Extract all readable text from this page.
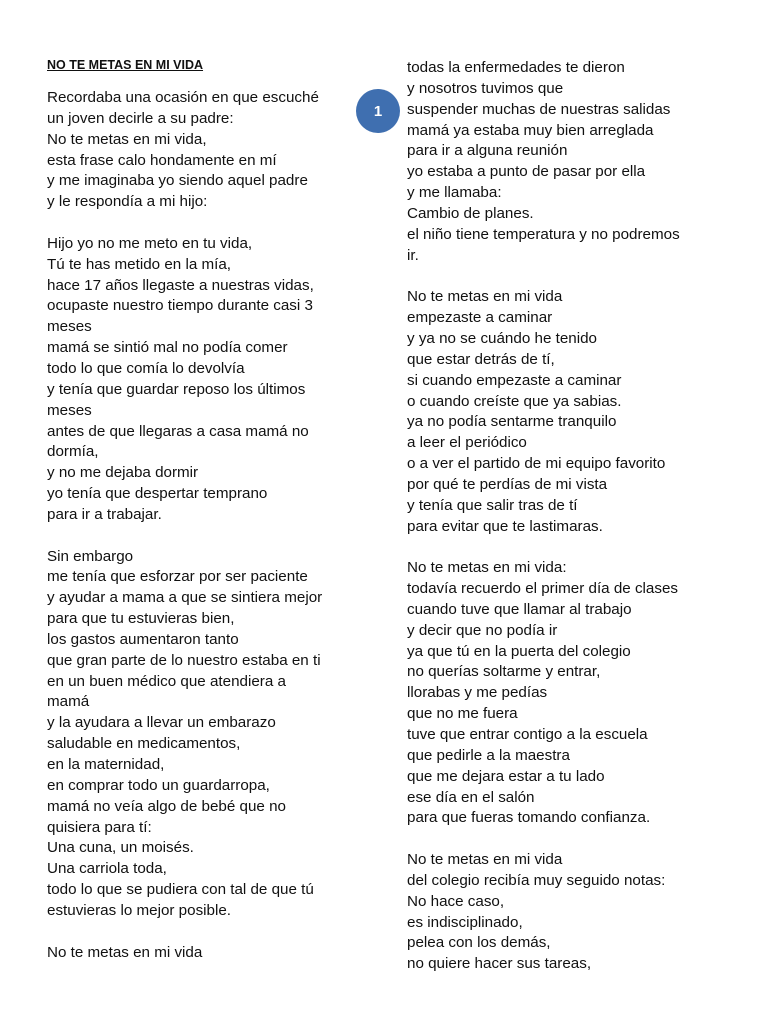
NO TE METAS EN MI VIDA
1
Recordaba una ocasión en que escuché
un joven decirle a su padre:
No te metas en mi vida,
esta frase calo hondamente en mí
y me imaginaba yo siendo aquel padre
y le respondía a mi hijo:
Hijo yo no me meto en tu vida,
Tú te has metido en la mía,
hace 17 años llegaste a nuestras vidas,
ocupaste nuestro tiempo durante casi 3
meses
mamá se sintió mal no podía comer
todo lo que comía lo devolvía
y tenía que guardar reposo los últimos
meses
antes de que llegaras a casa mamá no
dormía,
y no me dejaba dormir
yo tenía que despertar temprano
para ir a trabajar.
Sin embargo
me tenía que esforzar por ser paciente
y ayudar a mama a que se sintiera mejor
para que tu estuvieras bien,
los gastos aumentaron tanto
que gran parte de lo nuestro estaba en ti
en un buen médico que atendiera a
mamá
y la ayudara a llevar un embarazo
saludable en medicamentos,
en la maternidad,
en comprar todo un guardarropa,
mamá no veía algo de bebé que no
quisiera para tí:
Una cuna, un moisés.
Una carriola toda,
todo lo que se pudiera con tal de que tú
estuvieras lo mejor posible.
No te metas en mi vida
todas la enfermedades te dieron
y nosotros tuvimos que
suspender muchas de nuestras salidas
mamá ya estaba muy bien arreglada
para ir a alguna reunión
yo estaba a punto de pasar por ella
y me llamaba:
Cambio de planes.
el niño tiene temperatura y no podremos
ir.
No te metas en mi vida
empezaste a caminar
y ya no se cuándo he tenido
que estar detrás de tí,
si cuando empezaste a caminar
o cuando creíste que ya sabias.
ya no podía sentarme tranquilo
a leer el periódico
o a ver el partido de mi equipo favorito
por qué te perdías de mi vista
y tenía que salir tras de tí
para evitar que te lastimaras.
No te metas en mi vida:
todavía recuerdo el primer día de clases
cuando tuve que llamar al trabajo
y decir que no podía ir
ya que tú en la puerta del colegio
no querías soltarme y entrar,
llorabas y me pedías
que no me fuera
tuve que entrar contigo a la escuela
que pedirle a la maestra
que me dejara estar a tu lado
ese día en el salón
para que fueras tomando confianza.
No te metas en mi vida
del colegio recibía muy seguido notas:
No hace caso,
es indisciplinado,
pelea con los demás,
no quiere hacer sus tareas,
